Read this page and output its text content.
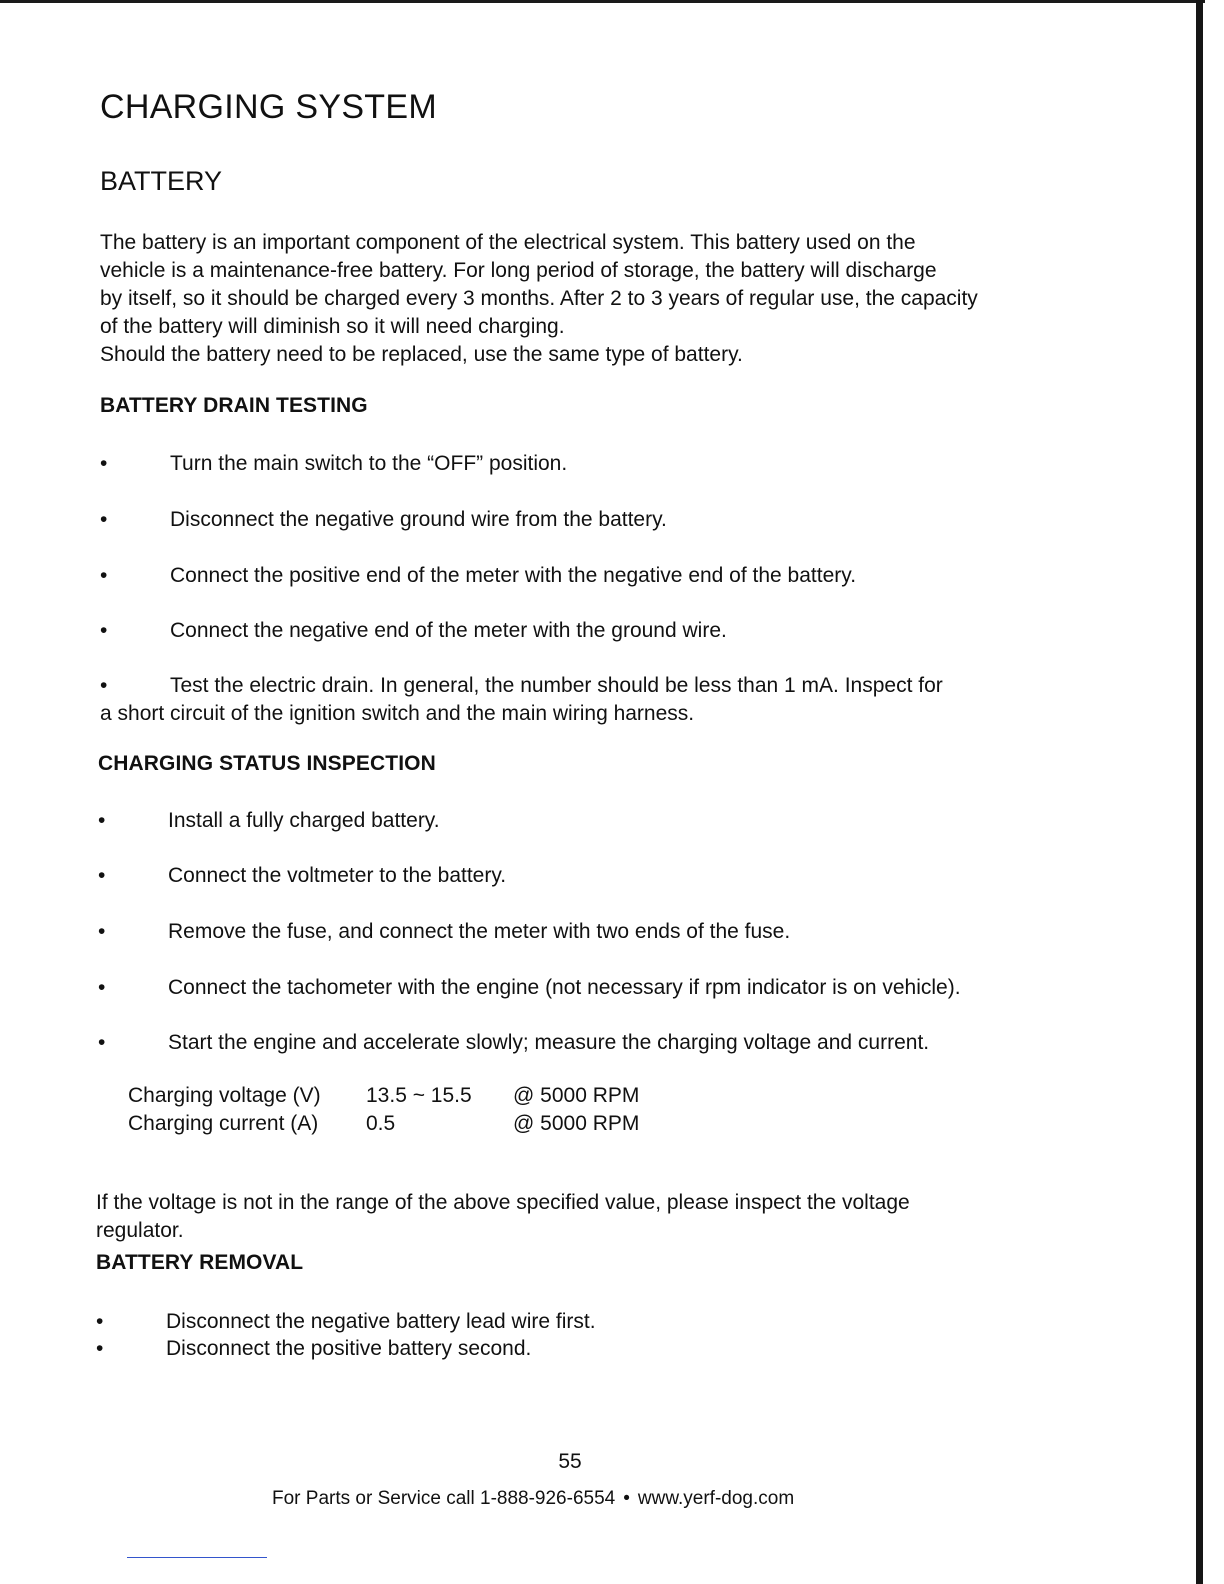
CHARGING SYSTEM
BATTERY

The battery is an important component of the electrical system. This battery used on the
vehicle is a maintenance-free battery. For long period of storage, the battery will discharge
by itself, so it should be charged every 3 months. After 2 to 3 years of regular use, the capacity
of the battery will diminish so it will need charging.
Should the battery need to be replaced, use the same type of battery.

BATTERY DRAIN TESTING
•	Turn the main switch to the “OFF” position.
•	Disconnect the negative ground wire from the battery.
•	Connect the positive end of the meter with the negative end of the battery.
•	Connect the negative end of the meter with the ground wire.
•	Test the electric drain. In general, the number should be less than 1 mA. Inspect for
a short circuit of the ignition switch and the main wiring harness.
CHARGING STATUS INSPECTION
•	Install a fully charged battery.
•	Connect the voltmeter to the battery.
•	Remove the fuse, and connect the meter with two ends of the fuse.
•	Connect the tachometer with the engine (not necessary if rpm indicator is on vehicle).
•	Start the engine and accelerate slowly; measure the charging voltage and current.
Charging voltage (V) 13.5 ~ 15.5 @ 5000 RPM
Charging current (A) 0.5	@ 5000 RPM

If the voltage is not in the range of the above specified value, please inspect the voltage
regulator.

BATTERY REMOVAL
•	Disconnect the negative battery lead wire first.
•	Disconnect the positive battery second.
55
For Parts or Service call 1-888-926-6554 • www.yerf-dog.com
